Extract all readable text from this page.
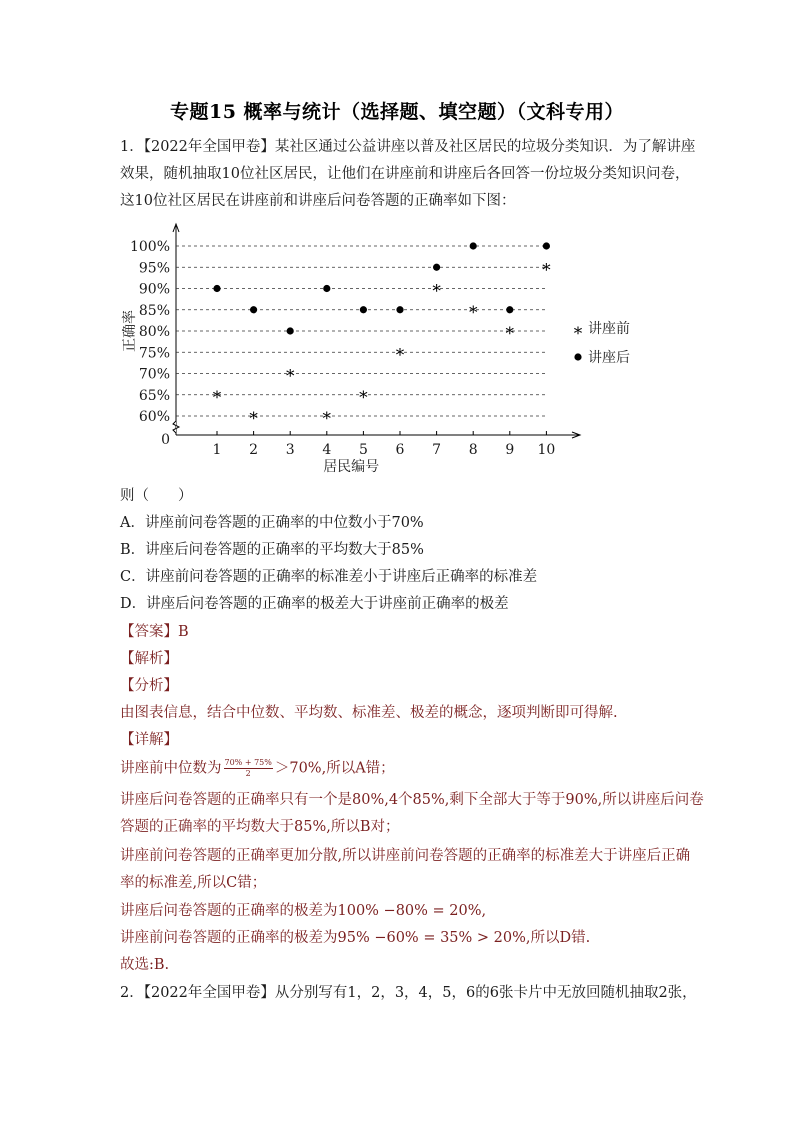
专题15 概率与统计（选择题、填空题）（文科专用）
1．【2022年全国甲卷】某社区通过公益讲座以普及社区居民的垃圾分类知识．为了解讲座
效果，随机抽取10位社区居民，让他们在讲座前和讲座后各回答一份垃圾分类知识问卷，
这10位社区居民在讲座前和讲座后问卷答题的正确率如下图：
0
60%
65%
70%
75%
80%
85%
90%
95%
100%
正确率
1 2 3 4 5 6 7 8 9 10
居民编号
*
*
*
*
*
*
*
*
*
*
* 讲座前
讲座后
则（　　）
A．讲座前问卷答题的正确率的中位数小于70%
B．讲座后问卷答题的正确率的平均数大于85%
C．讲座前问卷答题的正确率的标准差小于讲座后正确率的标准差
D．讲座后问卷答题的正确率的极差大于讲座前正确率的极差
【答案】B
【解析】
【分析】
由图表信息，结合中位数、平均数、标准差、极差的概念，逐项判断即可得解.
【详解】
讲座前中位数为 $\frac{70\% + 75\%}{2} >70\%$,所以A错；
讲座后问卷答题的正确率只有一个是80%,4个85%,剩下全部大于等于90%,所以讲座后问卷
答题的正确率的平均数大于85%,所以B对；
讲座前问卷答题的正确率更加分散,所以讲座前问卷答题的正确率的标准差大于讲座后正确
率的标准差,所以C错；
讲座后问卷答题的正确率的极差为100% −80% = 20%,
讲座前问卷答题的正确率的极差为95% −60% = 35% > 20%,所以D错.
故选:B.
2．【2022年全国甲卷】从分别写有1，2，3，4，5，6的6张卡片中无放回随机抽取2张，
